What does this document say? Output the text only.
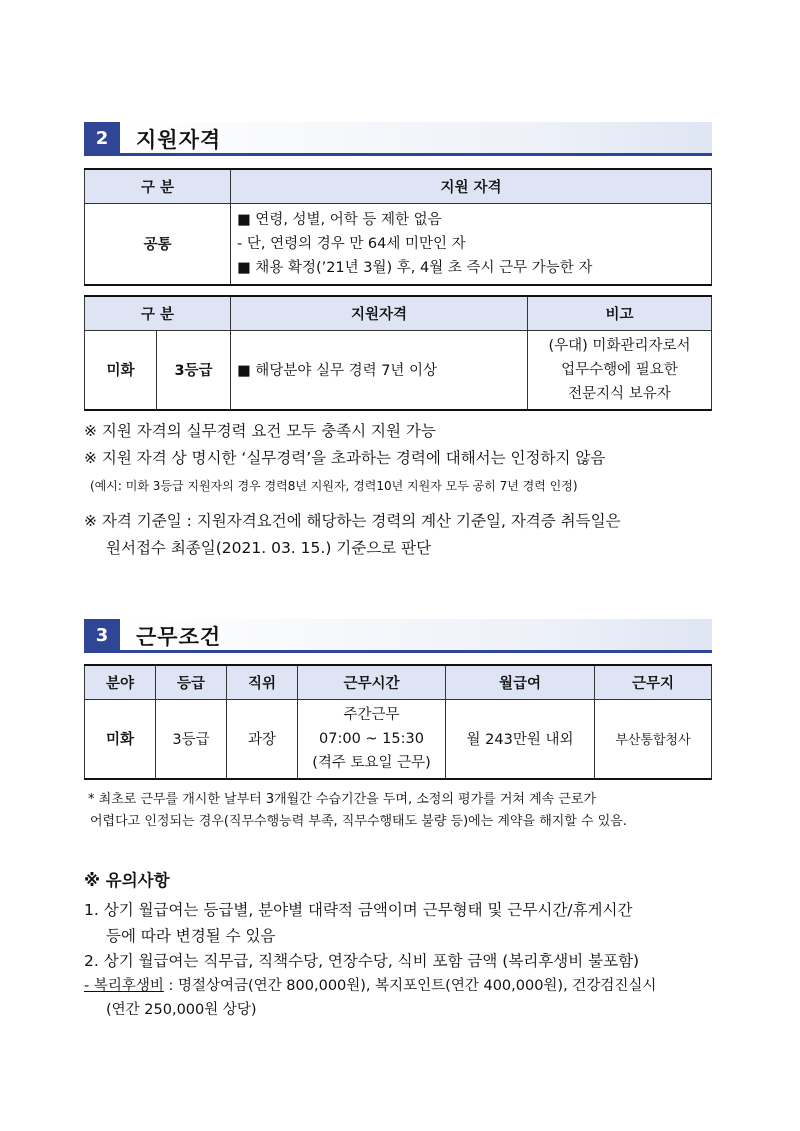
2	지원자격
구 분	지원 자격
공통	■ 연령, 성별, 어학 등 제한 없음
- 단, 연령의 경우 만 64세 미만인 자
■ 채용 확정(’21년 3월) 후, 4월 초 즉시 근무 가능한 자
구 분		지원자격	비고
미화	3등급	■ 해당분야 실무 경력 7년 이상	(우대) 미화관리자로서
업무수행에 필요한
전문지식 보유자
※ 지원 자격의 실무경력 요건 모두 충족시 지원 가능
※ 지원 자격 상 명시한 ‘실무경력’을 초과하는 경력에 대해서는 인정하지 않음
(예시: 미화 3등급 지원자의 경우 경력8년 지원자, 경력10년 지원자 모두 공히 7년 경력 인정)
※ 자격 기준일 : 지원자격요건에 해당하는 경력의 계산 기준일, 자격증 취득일은
원서접수 최종일(2021. 03. 15.) 기준으로 판단
3	근무조건
분야	등급	직위	근무시간	월급여	근무지
미화	3등급	과장	주간근무
07:00 ~ 15:30
(격주 토요일 근무)	월 243만원 내외	부산통합청사
* 최초로 근무를 개시한 날부터 3개월간 수습기간을 두며, 소정의 평가를 거쳐 계속 근로가
어렵다고 인정되는 경우(직무수행능력 부족, 직무수행태도 불량 등)에는 계약을 해지할 수 있음.
※ 유의사항
1. 상기 월급여는 등급별, 분야별 대략적 금액이며 근무형태 및 근무시간/휴게시간
등에 따라 변경될 수 있음
2. 상기 월급여는 직무급, 직책수당, 연장수당, 식비 포함 금액 (복리후생비 불포함)
- 복리후생비 : 명절상여금(연간 800,000원), 복지포인트(연간 400,000원), 건강검진실시
(연간 250,000원 상당)
